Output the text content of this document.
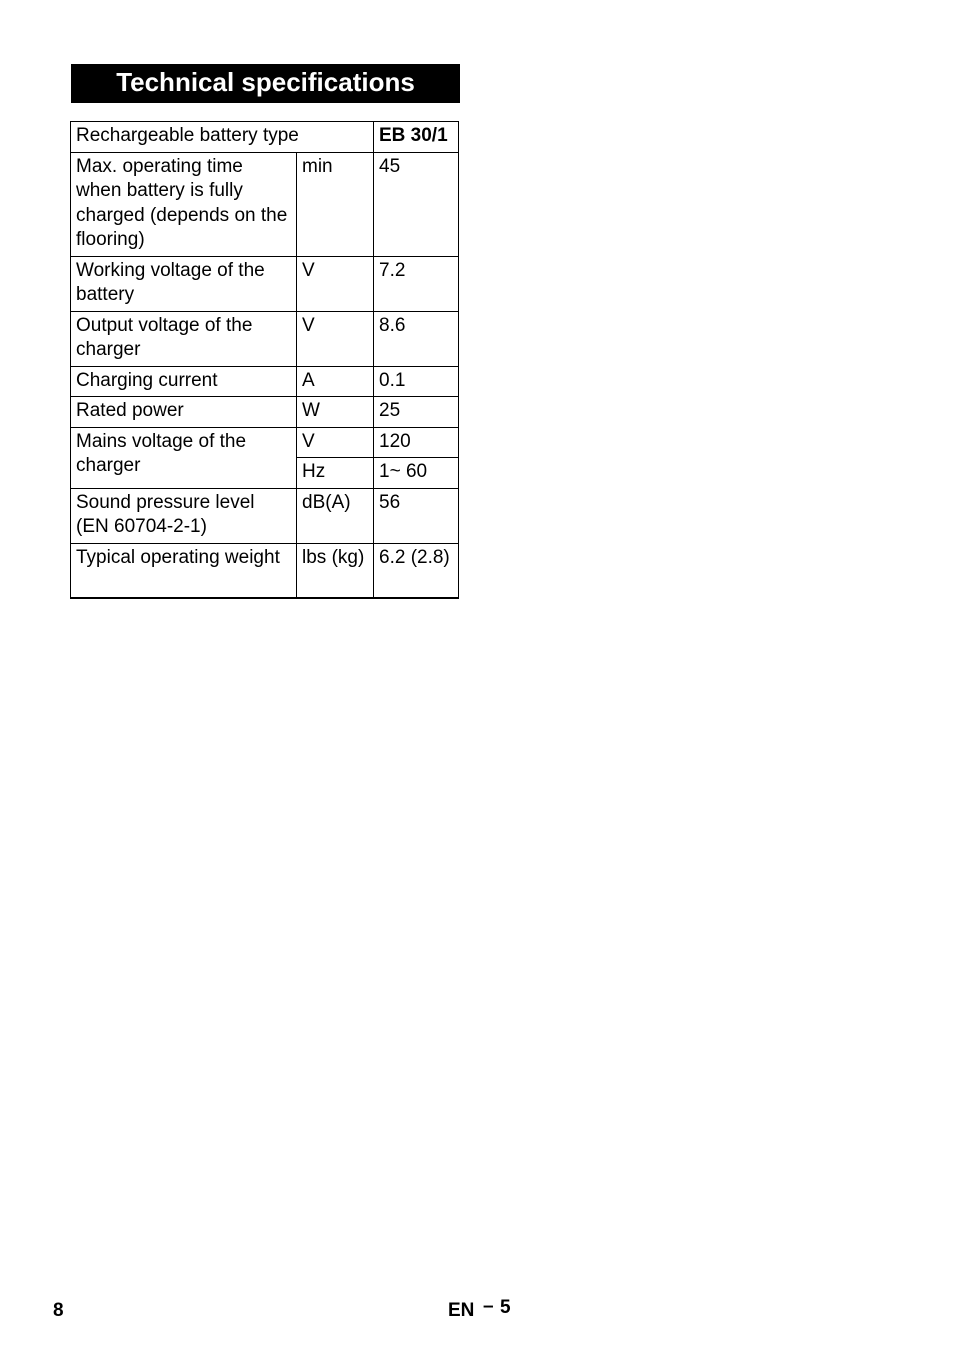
Technical specifications
Rechargeable battery type		EB 30/1
Max. operating time when battery is fully charged (depends on the flooring)	min	45
Working voltage of the battery	V	7.2
Output voltage of the charger	V	8.6
Charging current	A	0.1
Rated power	W	25
Mains voltage of the charger	V	120
	Hz	1~ 60
Sound pressure level (EN 60704-2-1)	dB(A)	56
Typical operating weight	lbs (kg)	6.2 (2.8)
8	EN – 5
